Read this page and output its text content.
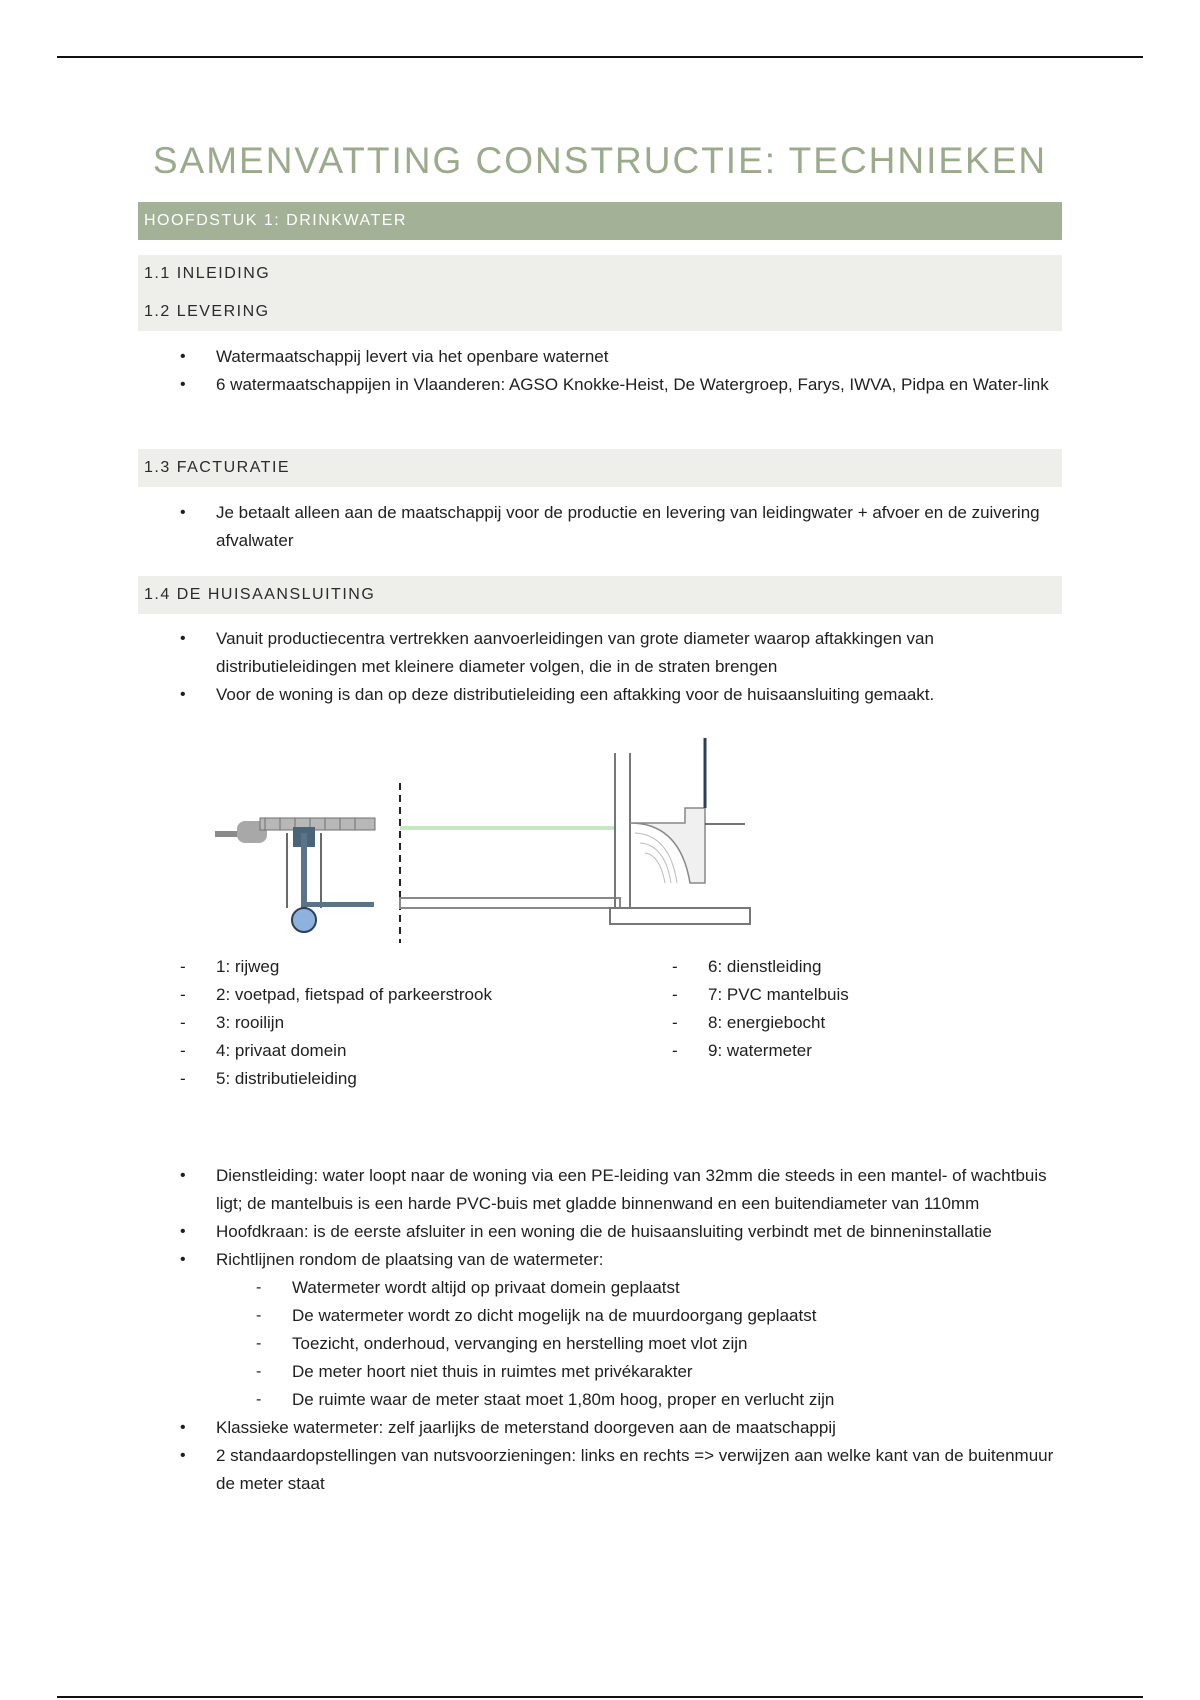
SAMENVATTING CONSTRUCTIE: TECHNIEKEN
HOOFDSTUK 1: DRINKWATER
1.1 INLEIDING
1.2 LEVERING
• Watermaatschappij levert via het openbare waternet
• 6 watermaatschappijen in Vlaanderen: AGSO Knokke-Heist, De Watergroep, Farys, IWVA, Pidpa en Water-link
1.3 FACTURATIE
• Je betaalt alleen aan de maatschappij voor de productie en levering van leidingwater + afvoer en de zuivering afvalwater
1.4 DE HUISAANSLUITING
• Vanuit productiecentra vertrekken aanvoerleidingen van grote diameter waarop aftakkingen van distributieleidingen met kleinere diameter volgen, die in de straten brengen
• Voor de woning is dan op deze distributieleiding een aftakking voor de huisaansluiting gemaakt.
- 1: rijweg
- 2: voetpad, fietspad of parkeerstrook
- 3: rooilijn
- 4: privaat domein
- 5: distributieleiding
- 6: dienstleiding
- 7: PVC mantelbuis
- 8: energiebocht
- 9: watermeter
• Dienstleiding: water loopt naar de woning via een PE-leiding van 32mm die steeds in een mantel- of wachtbuis ligt; de mantelbuis is een harde PVC-buis met gladde binnenwand en een buitendiameter van 110mm
• Hoofdkraan: is de eerste afsluiter in een woning die de huisaansluiting verbindt met de binneninstallatie
• Richtlijnen rondom de plaatsing van de watermeter:
- Watermeter wordt altijd op privaat domein geplaatst
- De watermeter wordt zo dicht mogelijk na de muurdoorgang geplaatst
- Toezicht, onderhoud, vervanging en herstelling moet vlot zijn
- De meter hoort niet thuis in ruimtes met privékarakter
- De ruimte waar de meter staat moet 1,80m hoog, proper en verlucht zijn
• Klassieke watermeter: zelf jaarlijks de meterstand doorgeven aan de maatschappij
• 2 standaardopstellingen van nutsvoorzieningen: links en rechts => verwijzen aan welke kant van de buitenmuur de meter staat
